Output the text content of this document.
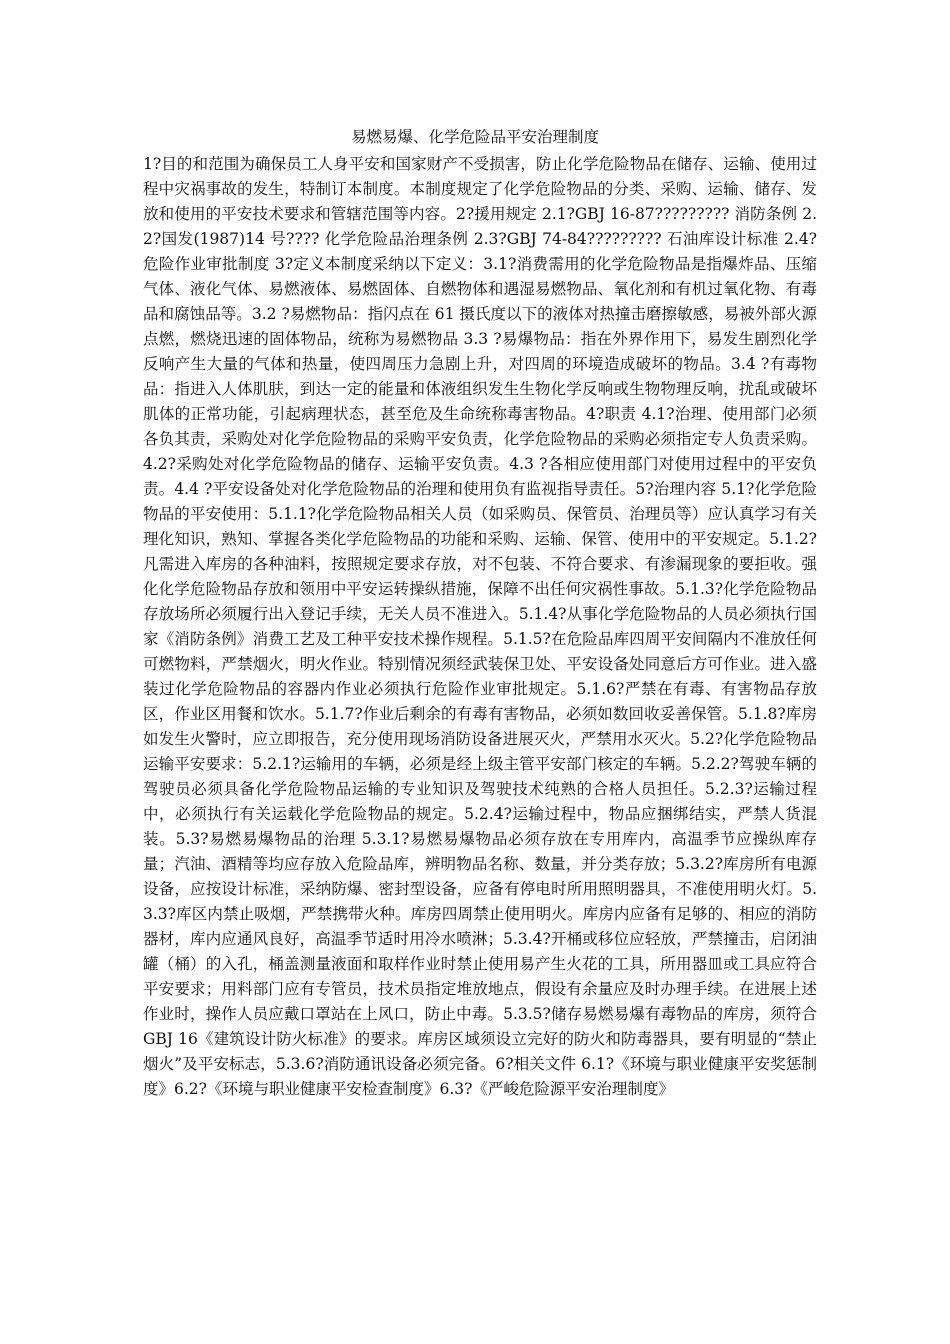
易燃易爆、化学危险品平安治理制度

1?目的和范围为确保员工人身平安和国家财产不受损害，防止化学危险物品在储存、运输、使用过程中灾祸事故的发生，特制订本制度。本制度规定了化学危险物品的分类、采购、运输、储存、发放和使用的平安技术要求和管辖范围等内容。2?援用规定 2.1?GBJ 16-87????????? 消防条例 2.2?国发(1987)14 号???? 化学危险品治理条例 2.3?GBJ 74-84????????? 石油库设计标准 2.4?危险作业审批制度 3?定义本制度采纳以下定义：3.1?消费需用的化学危险物品是指爆炸品、压缩气体、液化气体、易燃液体、易燃固体、自燃物体和遇湿易燃物品、氧化剂和有机过氧化物、有毒品和腐蚀品等。3.2 ?易燃物品：指闪点在 61 摄氏度以下的液体对热撞击磨擦敏感，易被外部火源点燃，燃烧迅速的固体物品，统称为易燃物品 3.3 ?易爆物品：指在外界作用下，易发生剧烈化学反响产生大量的气体和热量，使四周压力急剧上升，对四周的环境造成破坏的物品。3.4 ?有毒物品：指进入人体肌肤，到达一定的能量和体液组织发生生物化学反响或生物物理反响，扰乱或破坏肌体的正常功能，引起病理状态，甚至危及生命统称毒害物品。4?职责 4.1?治理、使用部门必须各负其责，采购处对化学危险物品的采购平安负责，化学危险物品的采购必须指定专人负责采购。 4.2?采购处对化学危险物品的储存、运输平安负责。4.3 ?各相应使用部门对使用过程中的平安负责。4.4 ?平安设备处对化学危险物品的治理和使用负有监视指导责任。5?治理内容 5.1?化学危险物品的平安使用：5.1.1?化学危险物品相关人员（如采购员、保管员、治理员等）应认真学习有关理化知识，熟知、掌握各类化学危险物品的功能和采购、运输、保管、使用中的平安规定。5.1.2?凡需进入库房的各种油料，按照规定要求存放，对不包装、不符合要求、有渗漏现象的要拒收。强化化学危险物品存放和领用中平安运转操纵措施，保障不出任何灾祸性事故。5.1.3?化学危险物品存放场所必须履行出入登记手续，无关人员不准进入。5.1.4?从事化学危险物品的人员必须执行国家《消防条例》消费工艺及工种平安技术操作规程。5.1.5?在危险品库四周平安间隔内不准放任何可燃物料，严禁烟火，明火作业。特别情况须经武装保卫处、平安设备处同意后方可作业。进入盛装过化学危险物品的容器内作业必须执行危险作业审批规定。5.1.6?严禁在有毒、有害物品存放区，作业区用餐和饮水。5.1.7?作业后剩余的有毒有害物品，必须如数回收妥善保管。5.1.8?库房如发生火警时，应立即报告，充分使用现场消防设备进展灭火，严禁用水灭火。5.2?化学危险物品运输平安要求：5.2.1?运输用的车辆，必须是经上级主管平安部门核定的车辆。5.2.2?驾驶车辆的驾驶员必须具备化学危险物品运输的专业知识及驾驶技术纯熟的合格人员担任。5.2.3?运输过程中，必须执行有关运载化学危险物品的规定。5.2.4?运输过程中，物品应捆绑结实，严禁人货混装。5.3?易燃易爆物品的治理 5.3.1?易燃易爆物品必须存放在专用库内，高温季节应操纵库存量；汽油、酒精等均应存放入危险品库，辨明物品名称、数量，并分类存放；5.3.2?库房所有电源设备，应按设计标准，采纳防爆、密封型设备，应备有停电时所用照明器具，不准使用明火灯。5.3.3?库区内禁止吸烟，严禁携带火种。库房四周禁止使用明火。库房内应备有足够的、相应的消防器材，库内应通风良好，高温季节适时用冷水喷淋；5.3.4?开桶或移位应轻放，严禁撞击，启闭油罐（桶）的入孔，桶盖测量液面和取样作业时禁止使用易产生火花的工具，所用器皿或工具应符合平安要求；用料部门应有专管员，技术员指定堆放地点，假设有余量应及时办理手续。在进展上述作业时，操作人员应戴口罩站在上风口，防止中毒。5.3.5?储存易燃易爆有毒物品的库房，须符合 GBJ 16《建筑设计防火标准》的要求。库房区域须设立完好的防火和防毒器具，要有明显的“禁止烟火”及平安标志，5.3.6?消防通讯设备必须完备。6?相关文件 6.1?《环境与职业健康平安奖惩制度》6.2?《环境与职业健康平安检查制度》6.3?《严峻危险源平安治理制度》
